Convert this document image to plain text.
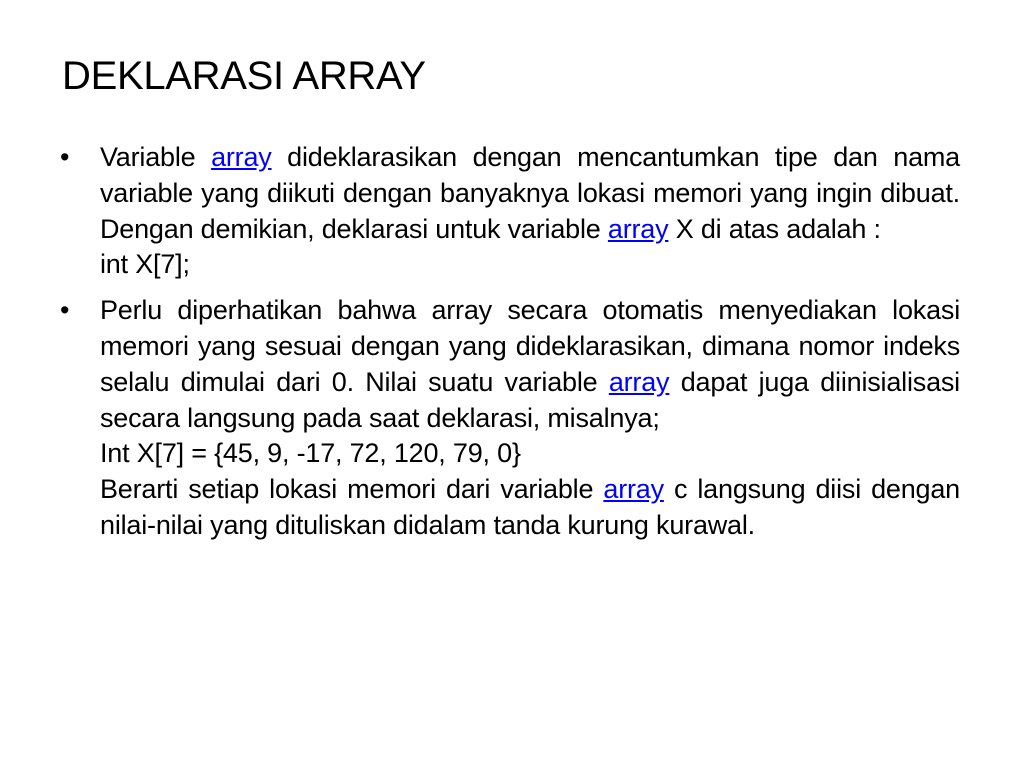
DEKLARASI ARRAY
• Variable array dideklarasikan dengan mencantumkan tipe dan nama variable yang diikuti dengan banyaknya lokasi memori yang ingin dibuat. Dengan demikian, deklarasi untuk variable array X di atas adalah :
int X[7];
• Perlu diperhatikan bahwa array secara otomatis menyediakan lokasi memori yang sesuai dengan yang dideklarasikan, dimana nomor indeks selalu dimulai dari 0. Nilai suatu variable array dapat juga diinisialisasi secara langsung pada saat deklarasi, misalnya;
Int X[7] = {45, 9, -17, 72, 120, 79, 0}
Berarti setiap lokasi memori dari variable array c langsung diisi dengan nilai-nilai yang dituliskan didalam tanda kurung kurawal.
